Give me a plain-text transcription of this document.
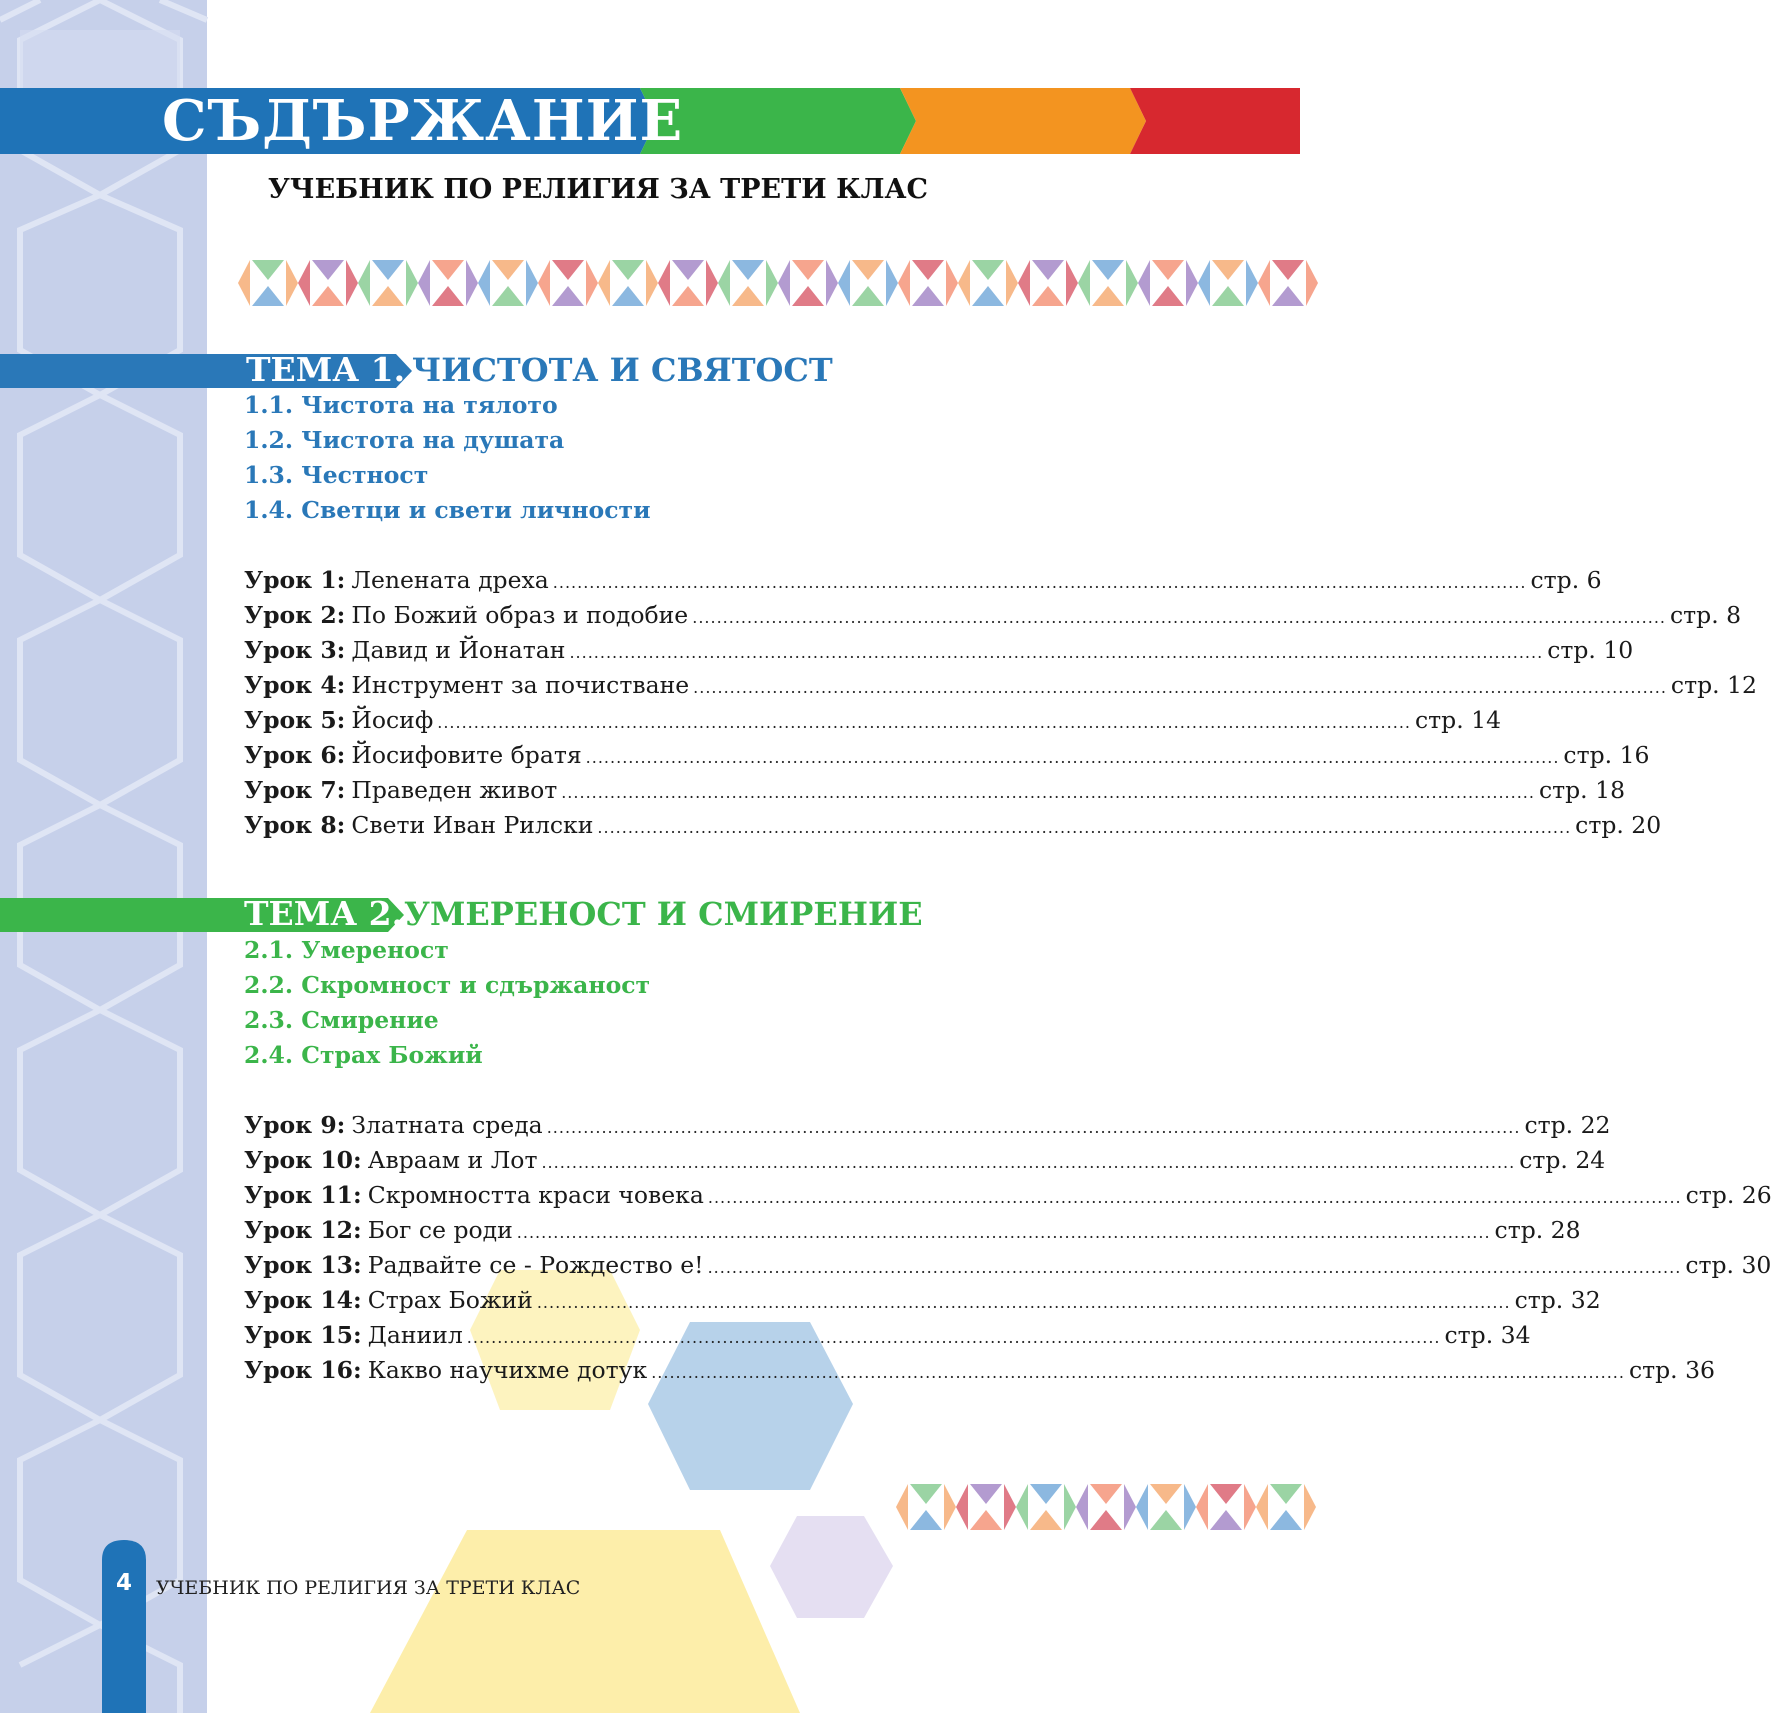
СЪДЪРЖАНИЕ
УЧЕБНИК ПО РЕЛИГИЯ ЗА ТРЕТИ КЛАС
ТЕМА 1. ЧИСТОТА И СВЯТОСТ
1.1. Чистота на тялото
1.2. Чистота на душата
1.3. Честност
1.4. Светци и свети личности
Урок 1: Лenената дреха ................................................................................................................................................................ стр. 6
Урок 2: По Божий образ и подобие ................................................................................................................................................................ стр. 8
Урок 3: Давид и Йонатан ................................................................................................................................................................ стр. 10
Урок 4: Инструмент за почистване ................................................................................................................................................................ стр. 12
Урок 5: Йосиф ................................................................................................................................................................ стр. 14
Урок 6: Йосифовите братя ................................................................................................................................................................ стр. 16
Урок 7: Праведен живот ................................................................................................................................................................ стр. 18
Урок 8: Свети Иван Рилски ................................................................................................................................................................ стр. 20
ТЕМА 2. УМЕРЕНОСТ И СМИРЕНИЕ
2.1. Умереност
2.2. Скромност и сдържаност
2.3. Смирение
2.4. Страх Божий
Урок 9: Златната среда ................................................................................................................................................................ стр. 22
Урок 10: Авраам и Лот ................................................................................................................................................................ стр. 24
Урок 11: Скромността краси човека ................................................................................................................................................................ стр. 26
Урок 12: Бог се роди ................................................................................................................................................................ стр. 28
Урок 13: Радвайте се - Рождество е! ................................................................................................................................................................ стр. 30
Урок 14: Страх Божий ................................................................................................................................................................ стр. 32
Урок 15: Даниил ................................................................................................................................................................ стр. 34
Урок 16: Какво научихме дотук ................................................................................................................................................................ стр. 36
4	УЧЕБНИК ПО РЕЛИГИЯ ЗА ТРЕТИ КЛАС
